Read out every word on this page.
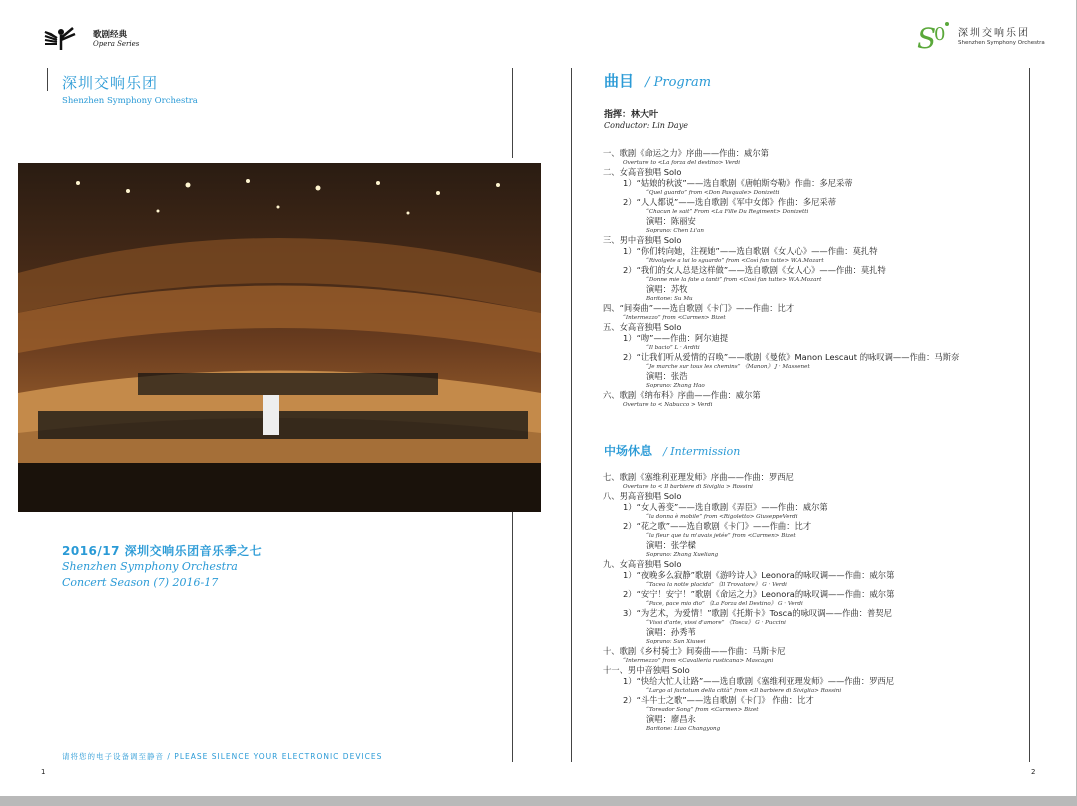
歌剧经典
Opera Series	S
0 深圳交响乐团
Shenzhen Symphony Orchestra
深圳交响乐团
Shenzhen Symphony Orchestra
2016/17 深圳交响乐团音乐季之七
Shenzhen Symphony Orchestra
Concert Season (7) 2016-17
请将您的电子设备调至静音 / PLEASE SILENCE YOUR ELECTRONIC DEVICES
1
曲目 / Program
指挥：林大叶
Conductor: Lin Daye
一、歌剧《命运之力》序曲——作曲：威尔第
Overture to <La forza del destino> Verdi
二、女高音独唱 Solo
1）“姑娘的秋波”——选自歌剧《唐帕斯夸勒》作曲：多尼采蒂
“Quel guardo” from <Don Pasquale> Donizetti
2）“人人都说”——选自歌剧《军中女郎》作曲：多尼采蒂
“Chacun le sait” From <La Fille Du Regiment> Donizetti
演唱：陈丽安
Soprano: Chen Li'an
三、男中音独唱 Solo
1）“你们转向她，注视她”——选自歌剧《女人心》——作曲：莫扎特
“Rivolgete a lui lo sguardo” from <Così fan tutte> W.A.Mozart
2）“我们的女人总是这样做”——选自歌剧《女人心》——作曲：莫扎特
“Donne mie la fate a tanti” from <Così fan tutte> W.A.Mozart
演唱：苏牧
Baritone: Su Mu
四、“间奏曲”——选自歌剧《卡门》——作曲：比才
“Intermezzo” from <Carmen> Bizet
五、女高音独唱 Solo
1）“吻”——作曲：阿尔迪提
“Il bacio” L · Arditi
2）“让我们听从爱情的召唤”——歌剧《曼侬》Manon Lescaut 的咏叹调——作曲：马斯奈
“Je marche sur tous les chemins” 《Manon》 J · Massenet
演唱：张浩
Soprano: Zhang Hao
六、歌剧《纳布科》序曲——作曲：威尔第
Overture to < Nabucco > Verdi
中场休息 / Intermission
七、歌剧《塞维利亚理发师》序曲——作曲：罗西尼
Overture to < Il barbiere di Siviglia > Rossini
八、男高音独唱 Solo
1）“女人善变”——选自歌剧《弄臣》——作曲：威尔第
“la donna è mobile” from <Rigoletto> GiuseppeVerdi
2）“花之歌”——选自歌剧《卡门》——作曲：比才
“la fleur que tu m'avais jetée” from <Carmen> Bizet
演唱：张学樑
Soprano: Zhang Xueliang
九、女高音独唱 Solo
1）“夜晚多么寂静”歌剧《游吟诗人》Leonora的咏叹调——作曲：威尔第
“Tacea la notte placida” 《Il Trovatore》 G · Verdi
2）“安宁！安宁！”歌剧《命运之力》Leonora的咏叹调——作曲：威尔第
“Pace, pace mio dio” 《La Forza del Destino》 G · Verdi
3）“为艺术，为爱情！”歌剧《托斯卡》Tosca的咏叹调——作曲：普契尼
“Vissi d'arte, vissi d'amore” 《Tosca》 G · Puccini
演唱：孙秀苇
Soprano: Sun Xiuwei
十、歌剧《乡村骑士》间奏曲——作曲：马斯卡尼
“Intermezzo” from <Cavalleria rusticana> Mascagni
十一、男中音独唱 Solo
1）“快给大忙人让路”——选自歌剧《塞维利亚理发师》——作曲：罗西尼
“Largo al factotum della città” from <Il barbiere di Siviglia> Rossini
2）“斗牛士之歌”——选自歌剧《卡门》 作曲：比才
“Toreador Song” from <Carmen> Bizet
演唱：廖昌永
Baritone: Liao Changyong
2
